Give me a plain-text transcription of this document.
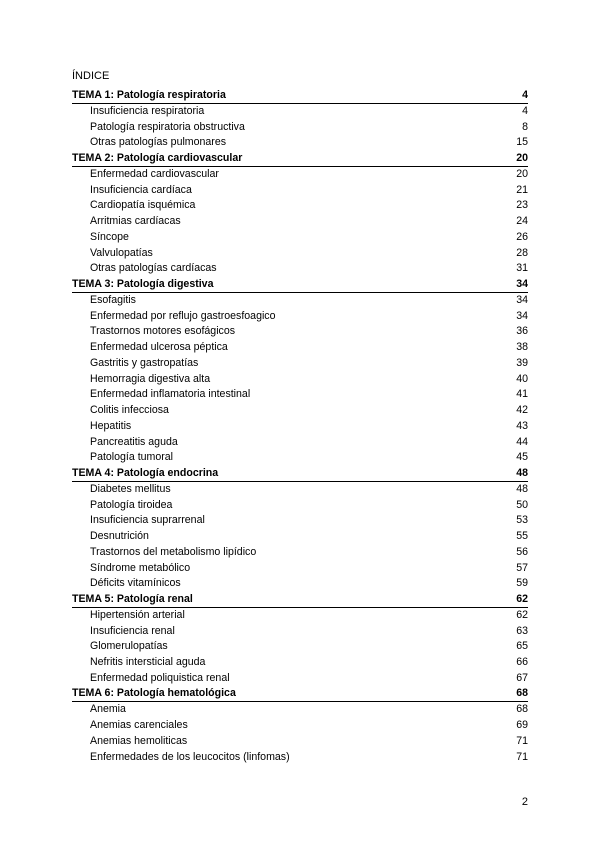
ÍNDICE
TEMA 1: Patología respiratoria	4
Insuficiencia respiratoria	4
Patología respiratoria obstructiva	8
Otras patologías pulmonares	15
TEMA 2: Patología cardiovascular	20
Enfermedad cardiovascular	20
Insuficiencia cardíaca	21
Cardiopatía isquémica	23
Arritmias cardíacas	24
Síncope	26
Valvulopatías	28
Otras patologías cardíacas	31
TEMA 3: Patología digestiva	34
Esofagitis	34
Enfermedad por reflujo gastroesfoagico	34
Trastornos motores esofágicos	36
Enfermedad ulcerosa péptica	38
Gastritis y gastropatías	39
Hemorragia digestiva alta	40
Enfermedad inflamatoria intestinal	41
Colitis infecciosa	42
Hepatitis	43
Pancreatitis aguda	44
Patología tumoral	45
TEMA 4: Patología endocrina	48
Diabetes mellitus	48
Patología tiroidea	50
Insuficiencia suprarrenal	53
Desnutrición	55
Trastornos del metabolismo lipídico	56
Síndrome metabólico	57
Déficits vitamínicos	59
TEMA 5: Patología renal	62
Hipertensión arterial	62
Insuficiencia renal	63
Glomerulopatías	65
Nefritis intersticial aguda	66
Enfermedad poliquistica renal	67
TEMA 6: Patología hematológica	68
Anemia	68
Anemias carenciales	69
Anemias hemoliticas	71
Enfermedades de los leucocitos (linfomas)	71
2
